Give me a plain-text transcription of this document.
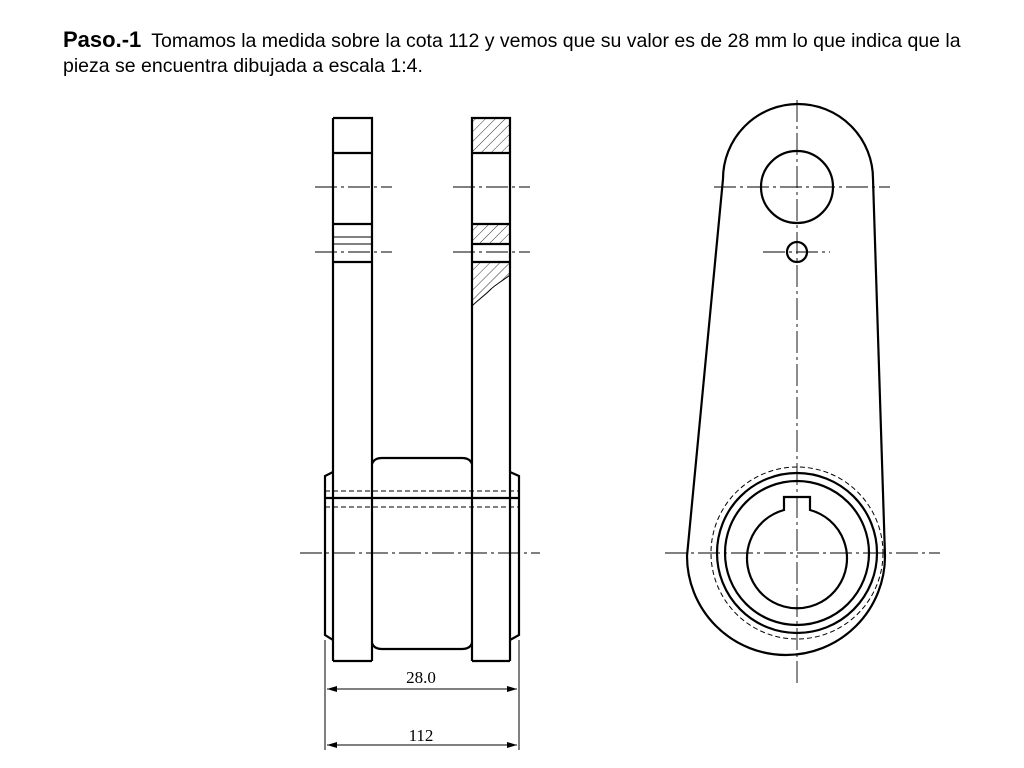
Paso.-1 Tomamos la medida sobre la cota 112 y vemos que su valor es de 28 mm lo que indica que la pieza se encuentra dibujada a escala 1:4.
28.0
112
